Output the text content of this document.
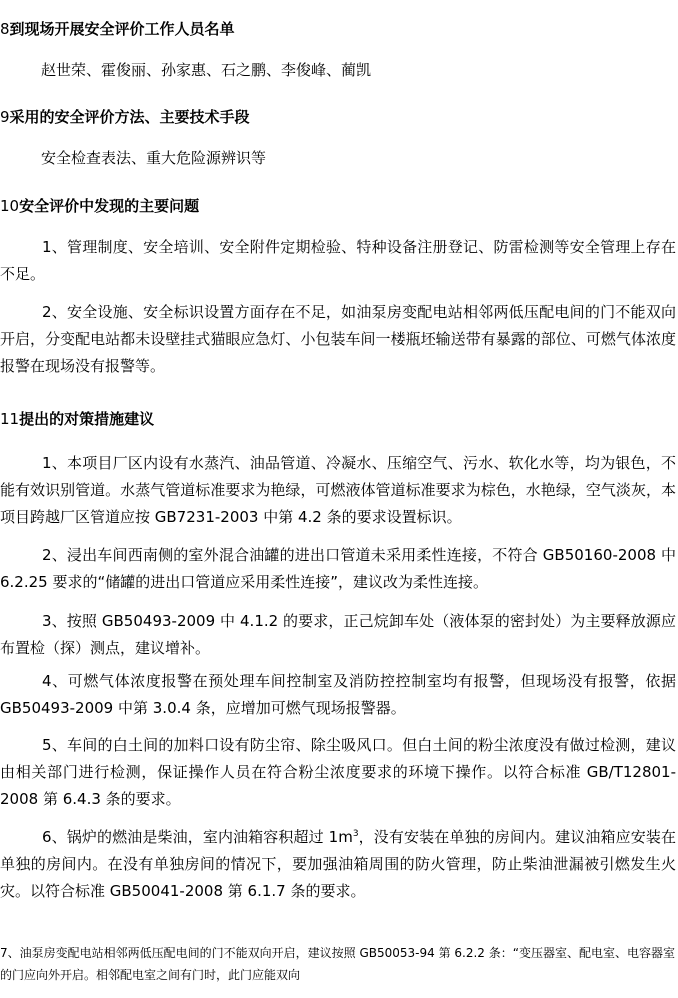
8到现场开展安全评价工作人员名单
赵世荣、霍俊丽、孙家惠、石之鹏、李俊峰、蔺凯
9采用的安全评价方法、主要技术手段
安全检查表法、重大危险源辨识等
10安全评价中发现的主要问题
1、管理制度、安全培训、安全附件定期检验、特种设备注册登记、防雷检测等安全管理上存在不足。
2、安全设施、安全标识设置方面存在不足，如油泵房变配电站相邻两低压配电间的门不能双向开启，分变配电站都未设壁挂式猫眼应急灯、小包装车间一楼瓶坯输送带有暴露的部位、可燃气体浓度报警在现场没有报警等。
11提出的对策措施建议
1、本项目厂区内设有水蒸汽、油品管道、冷凝水、压缩空气、污水、软化水等，均为银色，不能有效识别管道。水蒸气管道标准要求为艳绿，可燃液体管道标准要求为棕色，水艳绿，空气淡灰，本项目跨越厂区管道应按 GB7231-2003 中第 4.2 条的要求设置标识。
2、浸出车间西南侧的室外混合油罐的进出口管道未采用柔性连接，不符合 GB50160-2008 中 6.2.25 要求的“储罐的进出口管道应采用柔性连接”，建议改为柔性连接。
3、按照 GB50493-2009 中 4.1.2 的要求，正己烷卸车处（液体泵的密封处）为主要释放源应布置检（探）测点，建议增补。
4、可燃气体浓度报警在预处理车间控制室及消防控控制室均有报警，但现场没有报警，依据 GB50493-2009 中第 3.0.4 条，应增加可燃气现场报警器。
5、车间的白土间的加料口设有防尘帘、除尘吸风口。但白土间的粉尘浓度没有做过检测，建议由相关部门进行检测，保证操作人员在符合粉尘浓度要求的环境下操作。以符合标准 GB/T12801-2008 第 6.4.3 条的要求。
6、锅炉的燃油是柴油，室内油箱容积超过 $1m^3$，没有安装在单独的房间内。建议油箱应安装在单独的房间内。在没有单独房间的情况下，要加强油箱周围的防火管理，防止柴油泄漏被引燃发生火灾。以符合标准 GB50041-2008 第 6.1.7 条的要求。
7、油泵房变配电站相邻两低压配电间的门不能双向开启，建议按照 GB50053-94 第 6.2.2 条：“变压器室、配电室、电容器室的门应向外开启。相邻配电室之间有门时，此门应能双向
